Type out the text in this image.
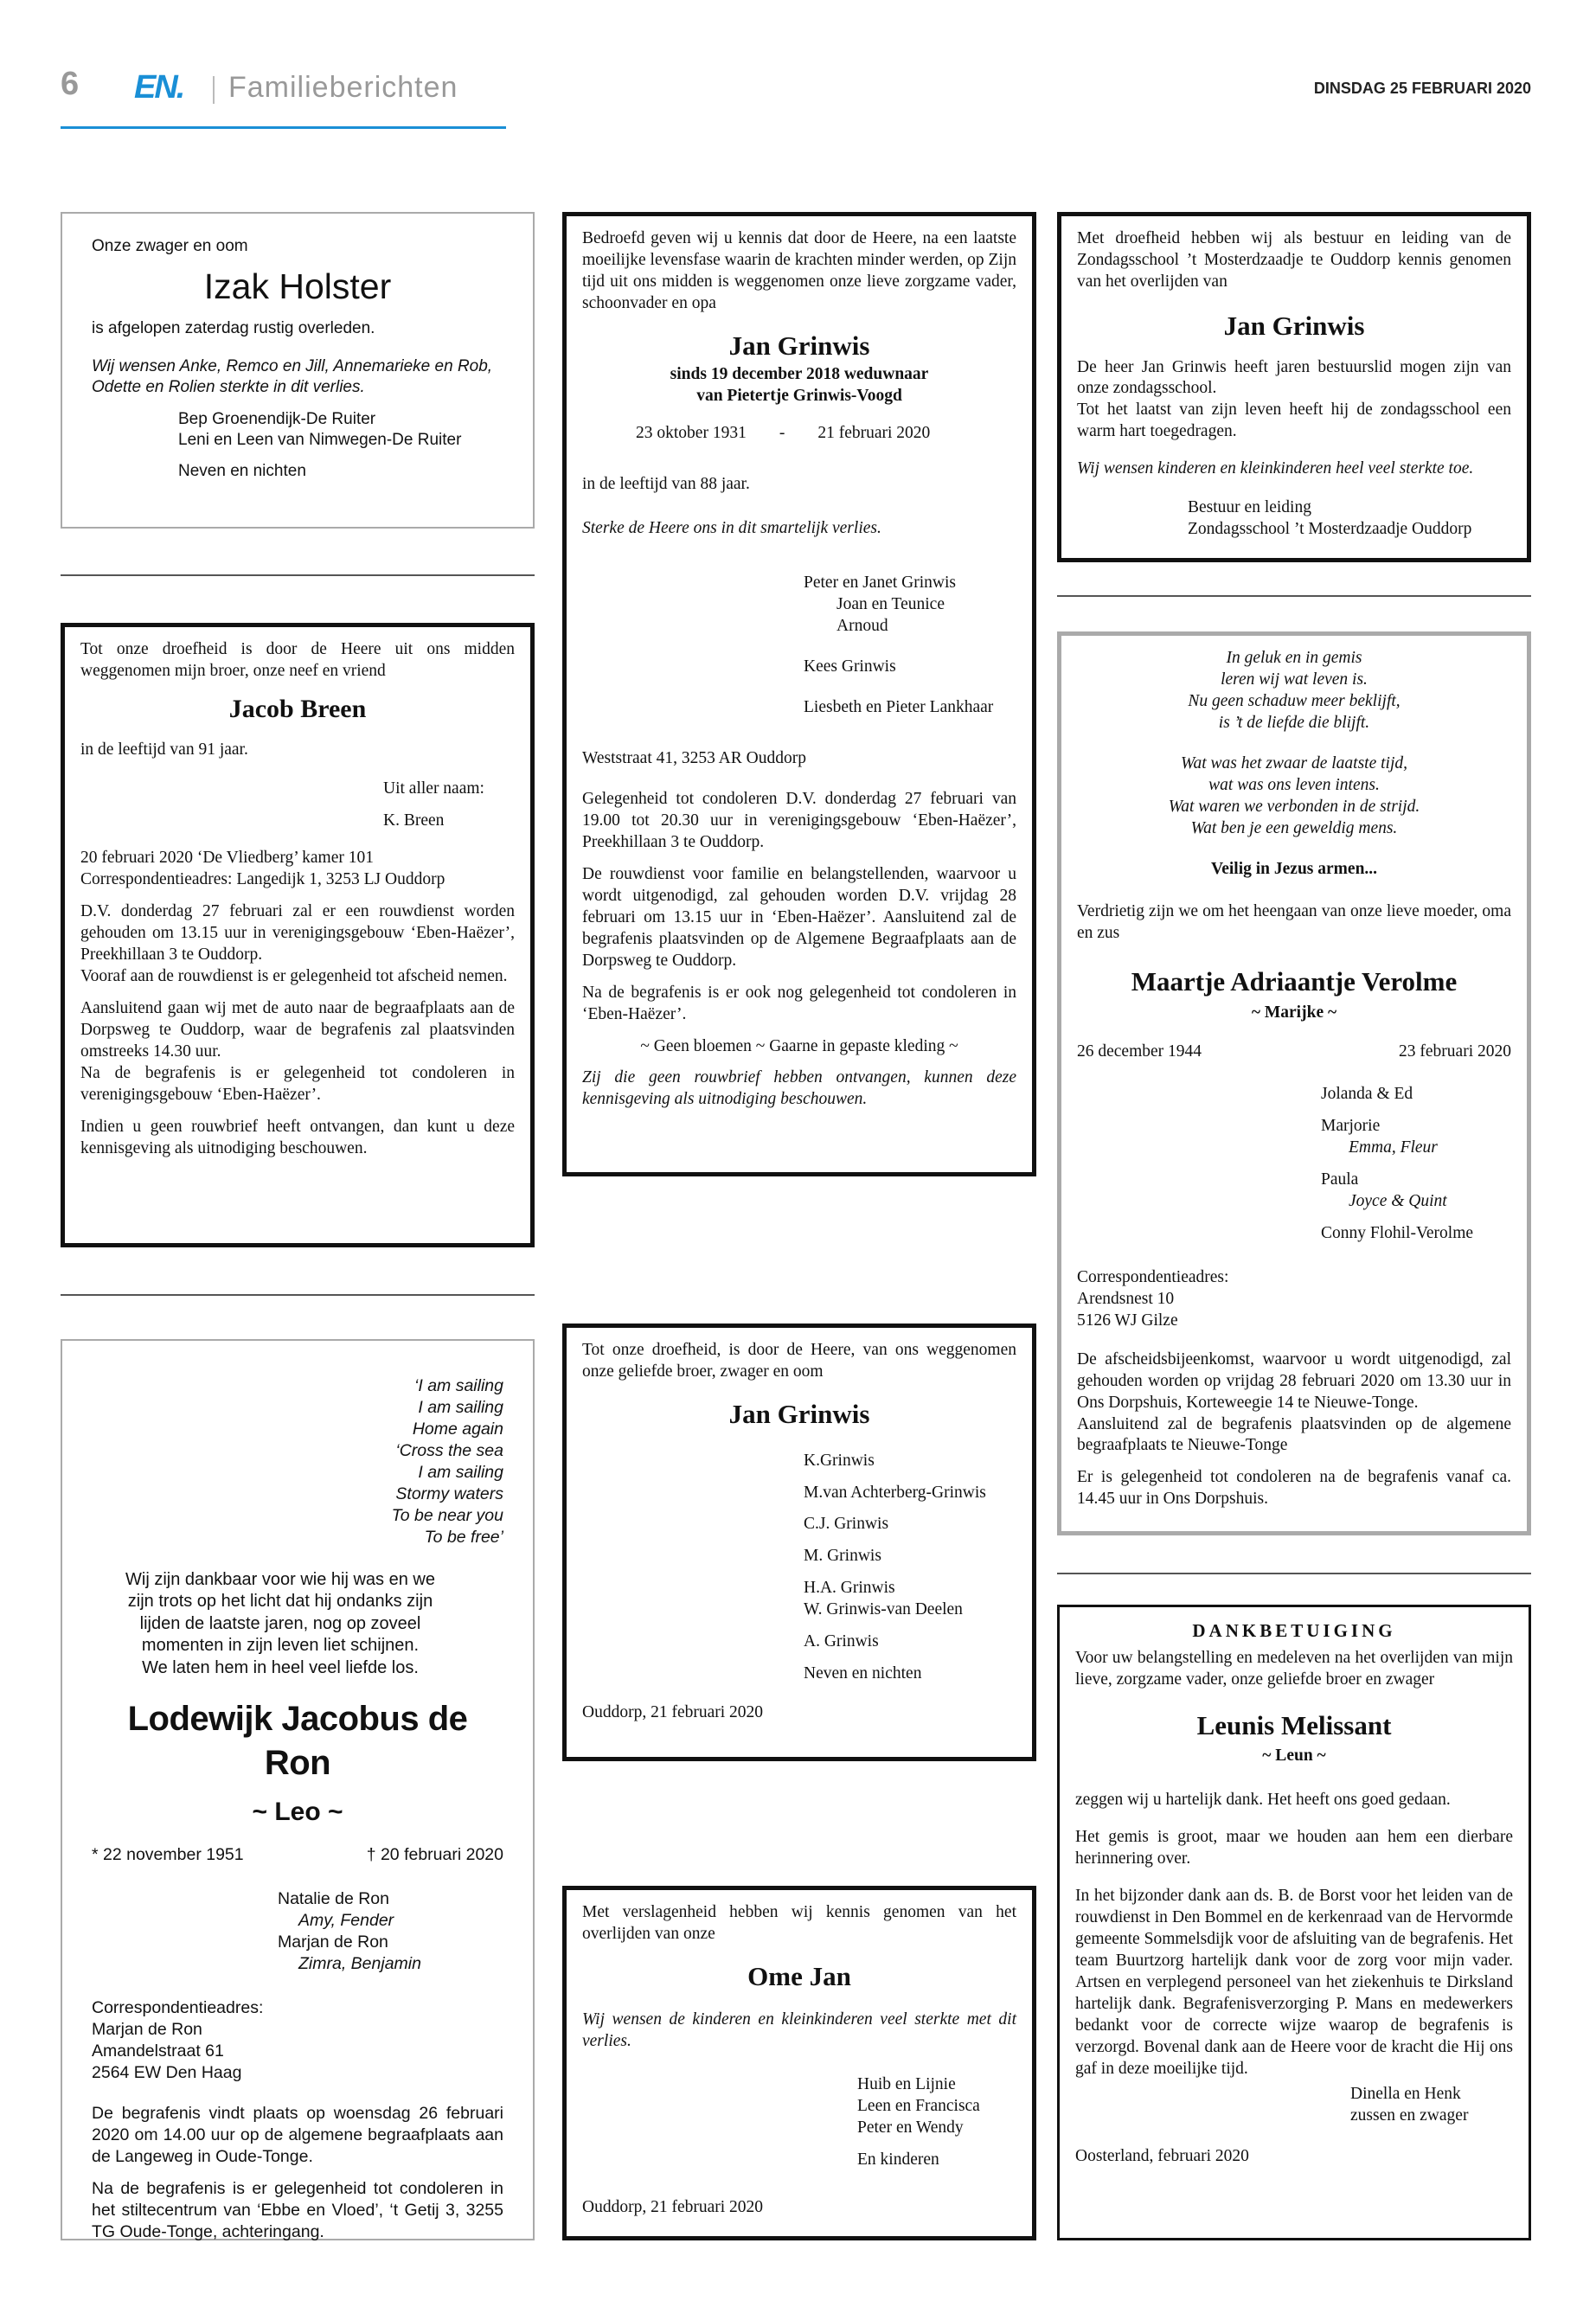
6 EN. Familieberichten	DINSDAG 25 FEBRUARI 2020

Onze zwager en oom

Izak Holster

is afgelopen zaterdag rustig overleden.

Wij wensen Anke, Remco en Jill, Annemarieke en Rob, Odette en Rolien sterkte in dit verlies.

Bep Groenendijk-De Ruiter
Leni en Leen van Nimwegen-De Ruiter
Neven en nichten

Tot onze droefheid is door de Heere uit ons midden weggenomen mijn broer, onze neef en vriend

Jacob Breen

in de leeftijd van 91 jaar.

Uit aller naam:
K. Breen
20 februari 2020 ‘De Vliedberg’ kamer 101

Correspondentieadres: Langedijk 1, 3253 LJ Ouddorp

D.V. donderdag 27 februari zal er een rouwdienst worden gehouden om 13.15 uur in verenigingsgebouw ‘Eben-Haëzer’, Preekhillaan 3 te Ouddorp.

Vooraf aan de rouwdienst is er gelegenheid tot afscheid nemen.

Aansluitend gaan wij met de auto naar de begraafplaats aan de Dorpsweg te Ouddorp, waar de begrafenis zal plaatsvinden omstreeks 14.30 uur.

Na de begrafenis is er gelegenheid tot condoleren in verenigingsgebouw ‘Eben-Haëzer’.

Indien u geen rouwbrief heeft ontvangen, dan kunt u deze kennisgeving als uitnodiging beschouwen.

‘I am sailing
I am sailing
Home again
‘Cross the sea
I am sailing
Stormy waters
To be near you
To be free’
Wij zijn dankbaar voor wie hij was en we
zijn trots op het licht dat hij ondanks zijn
lijden de laatste jaren, nog op zoveel
momenten in zijn leven liet schijnen.
We laten hem in heel veel liefde los.
Lodewijk Jacobus de Ron
~ Leo ~
* 22 november 1951	† 20 februari 2020
Natalie de Ron
Amy, Fender
Marjan de Ron
Zimra, Benjamin
Correspondentieadres:
Marjan de Ron
Amandelstraat 61
2564 EW Den Haag

De begrafenis vindt plaats op woensdag 26 februari 2020 om 14.00 uur op de algemene begraafplaats aan de Langeweg in Oude-Tonge.

Na de begrafenis is er gelegenheid tot condoleren in het stiltecentrum van ‘Ebbe en Vloed’, ‘t Getij 3, 3255 TG Oude-Tonge, achteringang.

Bedroefd geven wij u kennis dat door de Heere, na een laatste moeilijke levensfase waarin de krachten minder werden, op Zijn tijd uit ons midden is weggenomen onze lieve zorgzame vader, schoonvader en opa

Jan Grinwis
sinds 19 december 2018 weduwnaar
van Pietertje Grinwis-Voogd
23 oktober 1931 - 21 februari 2020

in de leeftijd van 88 jaar.

Sterke de Heere ons in dit smartelijk verlies.

Peter en Janet Grinwis
Joan en Teunice
Arnoud
Kees Grinwis
Liesbeth en Pieter Lankhaar

Weststraat 41, 3253 AR Ouddorp

Gelegenheid tot condoleren D.V. donderdag 27 februari van 19.00 tot 20.30 uur in verenigingsgebouw ‘Eben-Haëzer’, Preekhillaan 3 te Ouddorp.

De rouwdienst voor familie en belangstellenden, waarvoor u wordt uitgenodigd, zal gehouden worden D.V. vrijdag 28 februari om 13.15 uur in ‘Eben-Haëzer’. Aansluitend zal de begrafenis plaatsvinden op de Algemene Begraafplaats aan de Dorpsweg te Ouddorp.

Na de begrafenis is er ook nog gelegenheid tot condoleren in ‘Eben-Haëzer’.

~ Geen bloemen ~ Gaarne in gepaste kleding ~

Zij die geen rouwbrief hebben ontvangen, kunnen deze kennisgeving als uitnodiging beschouwen.

Tot onze droefheid, is door de Heere, van ons weggenomen onze geliefde broer, zwager en oom

Jan Grinwis
K.Grinwis
M.van Achterberg-Grinwis
C.J. Grinwis
M. Grinwis
H.A. Grinwis
W. Grinwis-van Deelen
A. Grinwis
Neven en nichten
Ouddorp, 21 februari 2020

Met verslagenheid hebben wij kennis genomen van het overlijden van onze

Ome Jan

Wij wensen de kinderen en kleinkinderen veel sterkte met dit verlies.

Huib en Lijnie
Leen en Francisca
Peter en Wendy
En kinderen
Ouddorp, 21 februari 2020

Met droefheid hebben wij als bestuur en leiding van de Zondagsschool ’t Mosterdzaadje te Ouddorp kennis genomen van het overlijden van

Jan Grinwis
De heer Jan Grinwis heeft jaren bestuurslid mogen zijn van onze zondagsschool.

Tot het laatst van zijn leven heeft hij de zondagsschool een warm hart toegedragen.

Wij wensen kinderen en kleinkinderen heel veel sterkte toe.

Bestuur en leiding
Zondagsschool ’t Mosterdzaadje Ouddorp
In geluk en in gemis
leren wij wat leven is.
Nu geen schaduw meer beklijft,
is ’t de liefde die blijft.
Wat was het zwaar de laatste tijd,
wat was ons leven intens.
Wat waren we verbonden in de strijd.
Wat ben je een geweldig mens.

Veilig in Jezus armen...

Verdrietig zijn we om het heengaan van onze lieve moeder, oma en zus

Maartje Adriaantje Verolme
~ Marijke ~
26 december 1944	23 februari 2020
Jolanda & Ed
Marjorie
Emma, Fleur
Paula
Joyce & Quint
Conny Flohil-Verolme
Correspondentieadres:
Arendsnest 10
5126 WJ Gilze
De afscheidsbijeenkomst, waarvoor u wordt uitgenodigd, zal gehouden worden op vrijdag 28 februari 2020 om 13.30 uur in Ons Dorpshuis, Korteweegie 14 te Nieuwe-Tonge.

Aansluitend zal de begrafenis plaatsvinden op de algemene begraafplaats te Nieuwe-Tonge

Er is gelegenheid tot condoleren na de begrafenis vanaf ca. 14.45 uur in Ons Dorpshuis.

DANKBETUIGING

Voor uw belangstelling en medeleven na het overlijden van mijn lieve, zorgzame vader, onze geliefde broer en zwager

Leunis Melissant
~ Leun ~

zeggen wij u hartelijk dank. Het heeft ons goed gedaan.

Het gemis is groot, maar we houden aan hem een dierbare herinnering over.

In het bijzonder dank aan ds. B. de Borst voor het leiden van de rouwdienst in Den Bommel en de kerkenraad van de Hervormde gemeente Sommelsdijk voor de afsluiting van de begrafenis. Het team Buurtzorg hartelijk dank voor de zorg voor mijn vader. Artsen en verplegend personeel van het ziekenhuis te Dirksland hartelijk dank. Begrafenisverzorging P. Mans en medewerkers bedankt voor de correcte wijze waarop de begrafenis is verzorgd. Bovenal dank aan de Heere voor de kracht die Hij ons gaf in deze moeilijke tijd.

Dinella en Henk
zussen en zwager
Oosterland, februari 2020
